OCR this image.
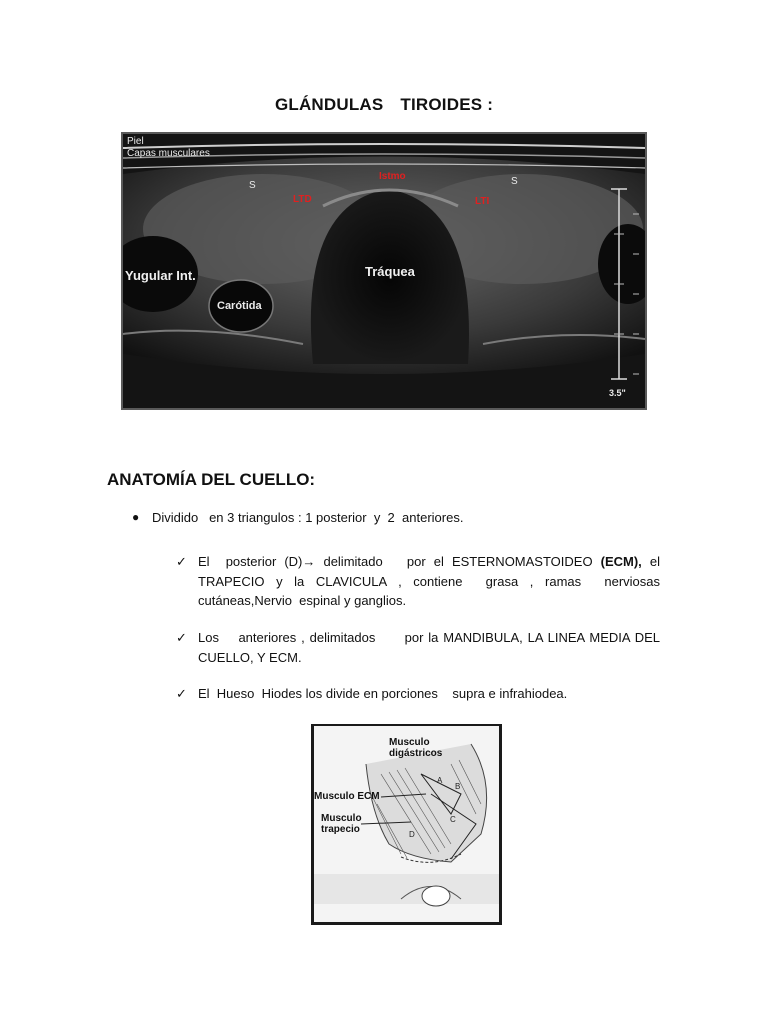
GLÁNDULAS TIROIDES :
Piel
Capas musculares
Istmo
LTD	LTI
S	S
Tráquea
Yugular Int.
Carótida
3.5"
ANATOMÍA DEL CUELLO:
● Dividido   en 3 triangulos : 1 posterior  y  2  anteriores.
✓ El    posterior  (D)→  delimitado      por  el  ESTERNOMASTOIDEO  (ECM),  el TRAPECIO  y  la  CLAVICULA  ,  contiene    grasa  ,  ramas    nerviosas cutáneas,Nervio  espinal y ganglios.
✓ Los    anteriores , delimitados      por la MANDIBULA, LA LINEA MEDIA DEL CUELLO, Y ECM.
✓ El  Hueso  Hiodes los divide en porciones    supra e infrahiodea.
Musculo digástricos
Musculo ECM
Musculo trapecio
A
B
C
D
